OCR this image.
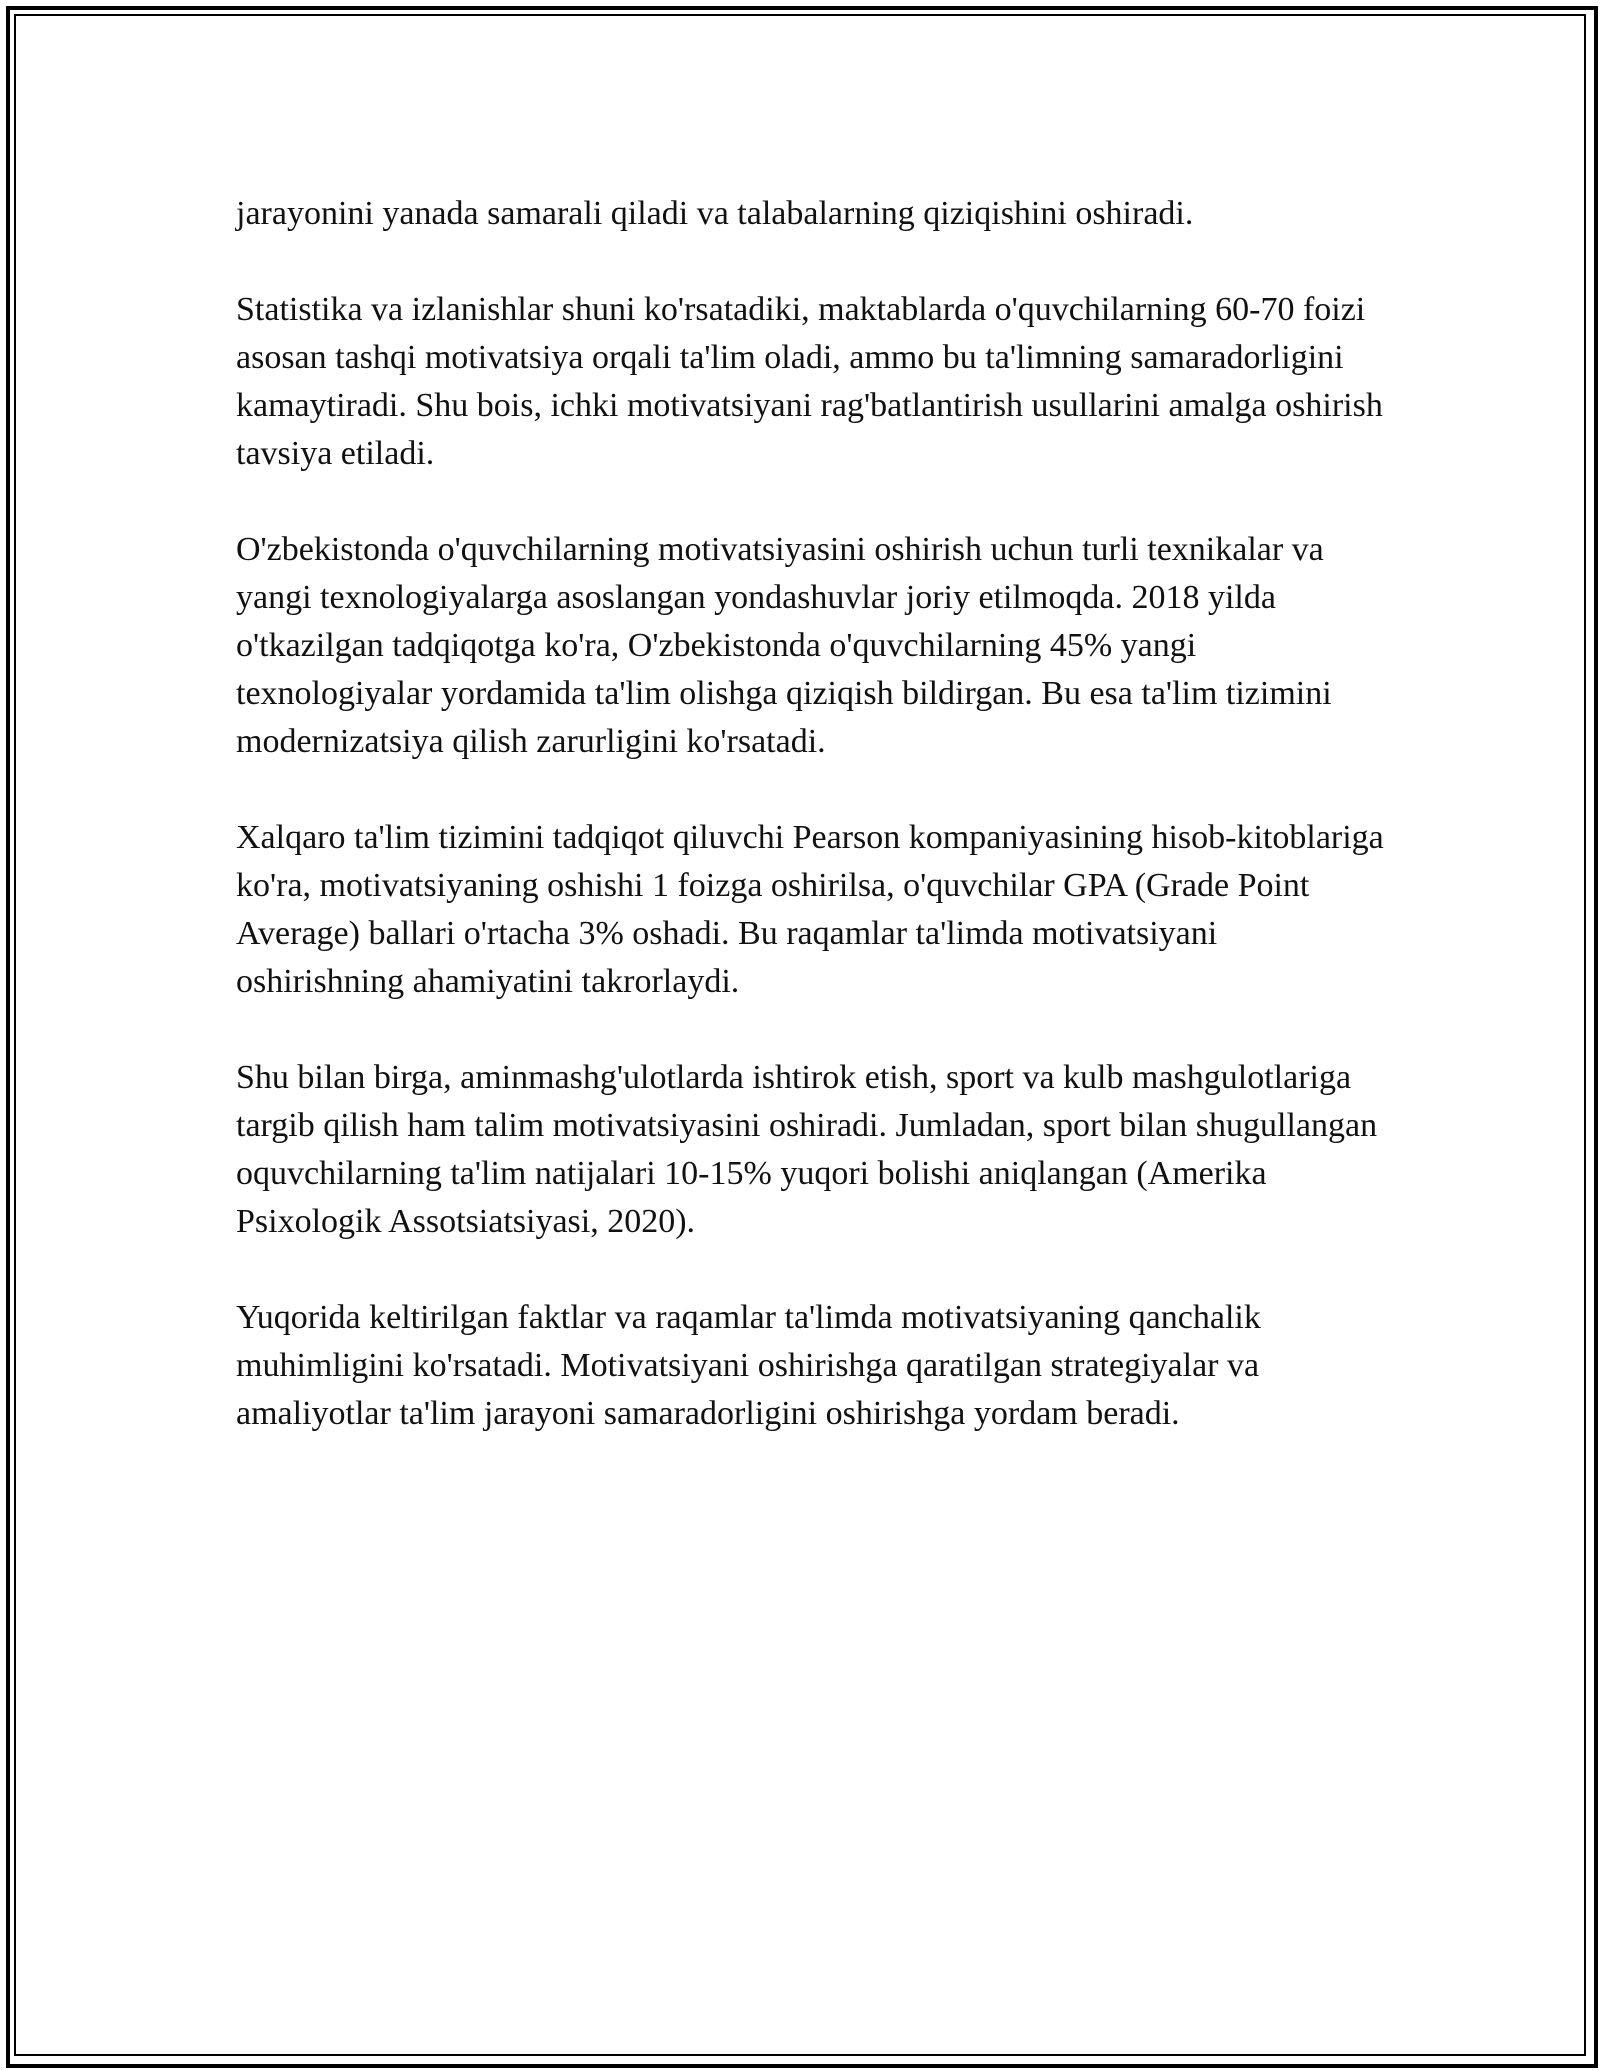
jarayonini yanada samarali qiladi va talabalarning qiziqishini oshiradi.

Statistika va izlanishlar shuni ko'rsatadiki, maktablarda o'quvchilarning 60-70 foizi asosan tashqi motivatsiya orqali ta'lim oladi, ammo bu ta'limning samaradorligini kamaytiradi. Shu bois, ichki motivatsiyani rag'batlantirish usullarini amalga oshirish tavsiya etiladi.

O'zbekistonda o'quvchilarning motivatsiyasini oshirish uchun turli texnikalar va yangi texnologiyalarga asoslangan yondashuvlar joriy etilmoqda. 2018 yilda o'tkazilgan tadqiqotga ko'ra, O'zbekistonda o'quvchilarning 45% yangi texnologiyalar yordamida ta'lim olishga qiziqish bildirgan. Bu esa ta'lim tizimini modernizatsiya qilish zarurligini ko'rsatadi.

Xalqaro ta'lim tizimini tadqiqot qiluvchi Pearson kompaniyasining hisob-kitoblariga ko'ra, motivatsiyaning oshishi 1 foizga oshirilsa, o'quvchilar GPA (Grade Point Average) ballari o'rtacha 3% oshadi. Bu raqamlar ta'limda motivatsiyani oshirishning ahamiyatini takrorlaydi.

Shu bilan birga, aminmashg'ulotlarda ishtirok etish, sport va kulb mashgulotlariga targib qilish ham talim motivatsiyasini oshiradi. Jumladan, sport bilan shugullangan oquvchilarning ta'lim natijalari 10-15% yuqori bolishi aniqlangan (Amerika Psixologik Assotsiatsiyasi, 2020).

Yuqorida keltirilgan faktlar va raqamlar ta'limda motivatsiyaning qanchalik muhimligini ko'rsatadi. Motivatsiyani oshirishga qaratilgan strategiyalar va amaliyotlar ta'lim jarayoni samaradorligini oshirishga yordam beradi.
